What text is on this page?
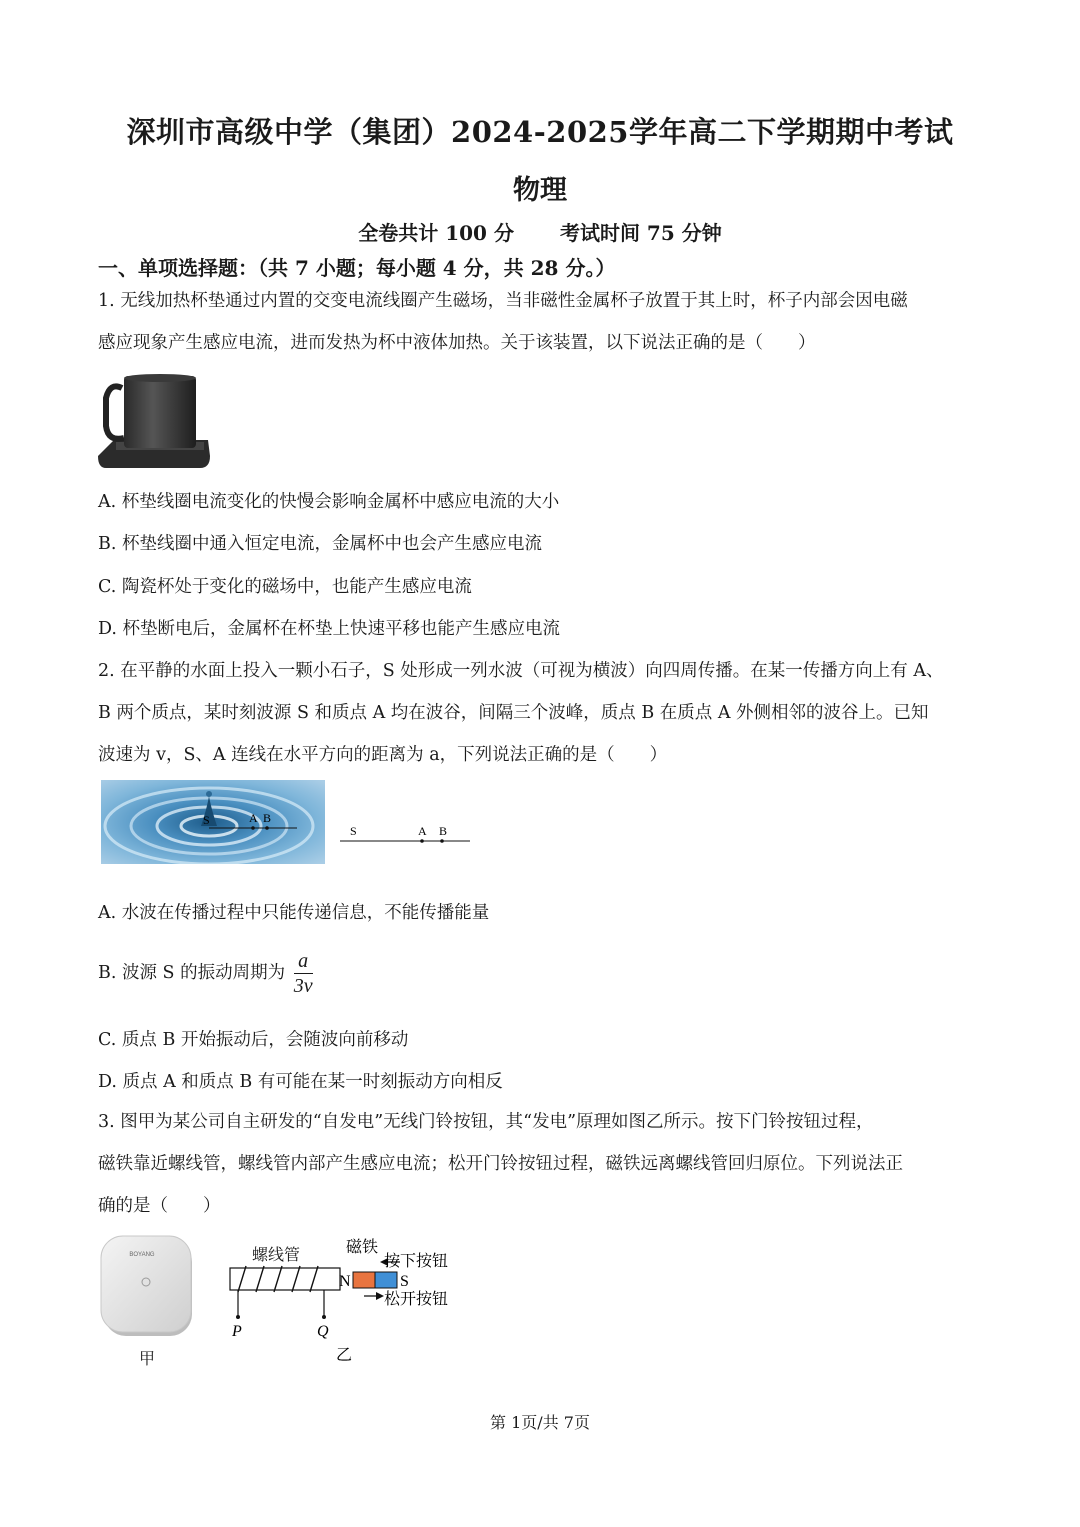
深圳市高级中学（集团）2024-2025学年高二下学期期中考试
物理
全卷共计 100 分 考试时间 75 分钟
一、单项选择题：（共 7 小题；每小题 4 分，共 28 分。）
1. 无线加热杯垫通过内置的交变电流线圈产生磁场，当非磁性金属杯子放置于其上时，杯子内部会因电磁
感应现象产生感应电流，进而发热为杯中液体加热。关于该装置，以下说法正确的是（　　）
A. 杯垫线圈电流变化的快慢会影响金属杯中感应电流的大小
B. 杯垫线圈中通入恒定电流，金属杯中也会产生感应电流
C. 陶瓷杯处于变化的磁场中，也能产生感应电流
D. 杯垫断电后，金属杯在杯垫上快速平移也能产生感应电流
2. 在平静的水面上投入一颗小石子，S 处形成一列水波（可视为横波）向四周传播。在某一传播方向上有 A、
B 两个质点，某时刻波源 S 和质点 A 均在波谷，间隔三个波峰，质点 B 在质点 A 外侧相邻的波谷上。已知
波速为 v，S、A 连线在水平方向的距离为 a，下列说法正确的是（　　）
S	A B
S	A B
A. 水波在传播过程中只能传递信息，不能传播能量
B. 波源 S 的振动周期为 $\frac{a}{3v}$
C. 质点 B 开始振动后，会随波向前移动
D. 质点 A 和质点 B 有可能在某一时刻振动方向相反
3. 图甲为某公司自主研发的“自发电”无线门铃按钮，其“发电”原理如图乙所示。按下门铃按钮过程，
磁铁靠近螺线管，螺线管内部产生感应电流；松开门铃按钮过程，磁铁远离螺线管回归原位。下列说法正
确的是（　　）
BOYANG
甲
螺线管
P	Q
乙
磁铁
按下按钮
N	S
松开按钮
第 1页/共 7页
